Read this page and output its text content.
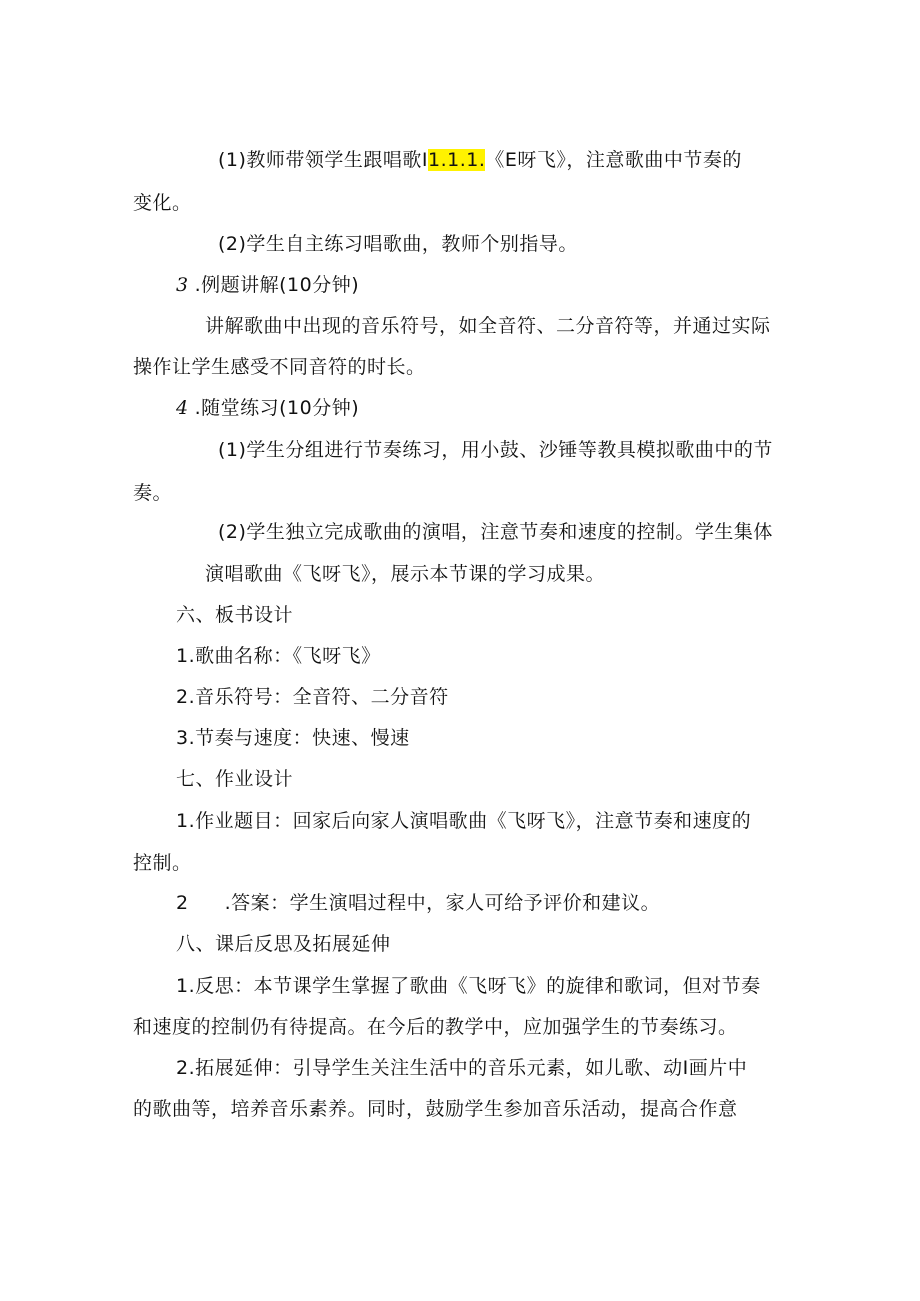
(1)教师带领学生跟唱歌I1.1.1.《E呀飞》，注意歌曲中节奏的
变化。
(2)学生自主练习唱歌曲，教师个别指导。
3 .例题讲解(10分钟)
讲解歌曲中出现的音乐符号，如全音符、二分音符等，并通过实际
操作让学生感受不同音符的时长。
4 .随堂练习(10分钟)
(1)学生分组进行节奏练习，用小鼓、沙锤等教具模拟歌曲中的节
奏。
(2)学生独立完成歌曲的演唱，注意节奏和速度的控制。学生集体
演唱歌曲《飞呀飞》，展示本节课的学习成果。
六、板书设计
1.歌曲名称：《飞呀飞》
2.音乐符号：全音符、二分音符
3.节奏与速度：快速、慢速
七、作业设计
1.作业题目：回家后向家人演唱歌曲《飞呀飞》，注意节奏和速度的
控制。
2 .答案：学生演唱过程中，家人可给予评价和建议。
八、课后反思及拓展延伸
1.反思：本节课学生掌握了歌曲《飞呀飞》的旋律和歌词，但对节奏
和速度的控制仍有待提高。在今后的教学中，应加强学生的节奏练习。
2.拓展延伸：引导学生关注生活中的音乐元素，如儿歌、动I画片中
的歌曲等，培养音乐素养。同时，鼓励学生参加音乐活动，提高合作意
